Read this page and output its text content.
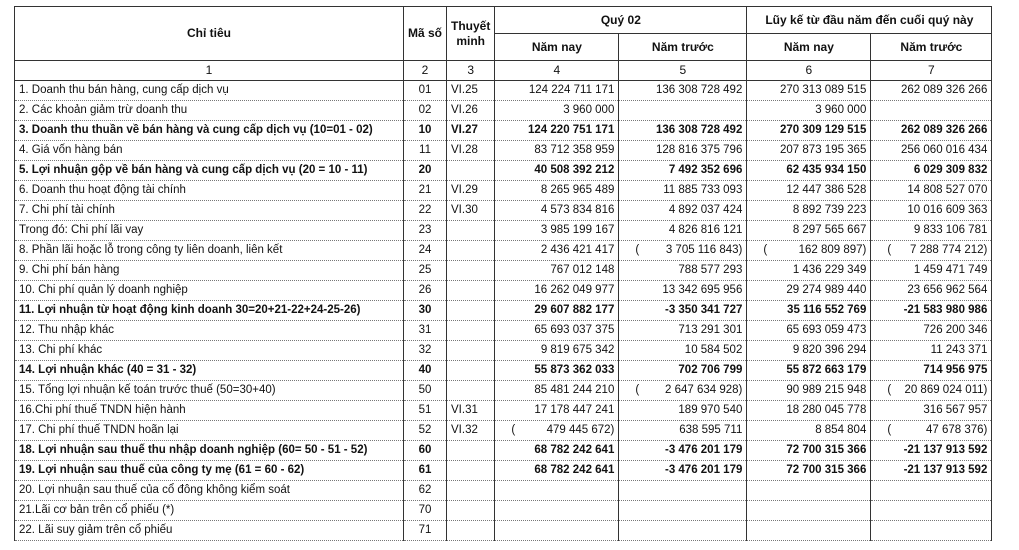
Chỉ tiêu	Mã số	Thuyết minh	Quý 02		Lũy kế từ đầu năm đến cuối quý này	
			Năm nay	Năm trước	Năm nay	Năm trước
1	2	3	4	5	6	7
1. Doanh thu bán hàng, cung cấp dịch vụ	01	VI.25	124 224 711 171	136 308 728 492	270 313 089 515	262 089 326 266
2. Các khoản giảm trừ doanh thu	02	VI.26	3 960 000		3 960 000	
3. Doanh thu thuần về bán hàng và cung cấp dịch vụ (10=01 - 02)	10	VI.27	124 220 751 171	136 308 728 492	270 309 129 515	262 089 326 266
4. Giá vốn hàng bán	11	VI.28	83 712 358 959	128 816 375 796	207 873 195 365	256 060 016 434
5. Lợi nhuận gộp về bán hàng và cung cấp dịch vụ (20 = 10 - 11)	20		40 508 392 212	7 492 352 696	62 435 934 150	6 029 309 832
6. Doanh thu hoạt động tài chính	21	VI.29	8 265 965 489	11 885 733 093	12 447 386 528	14 808 527 070
7. Chi phí tài chính	22	VI.30	4 573 834 816	4 892 037 424	8 892 739 223	10 016 609 363
Trong đó: Chi phí lãi vay	23		3 985 199 167	4 826 816 121	8 297 565 667	9 833 106 781
8. Phần lãi hoặc lỗ trong công ty liên doanh, liên kết	24		2 436 421 417	( 3 705 116 843)	( 162 809 897)	( 7 288 774 212)

9. Chi phí bán hàng	25		767 012 148	788 577 293	1 436 229 349	1 459 471 749
10. Chi phí quản lý doanh nghiệp	26		16 262 049 977	13 342 695 956	29 274 989 440	23 656 962 564
11. Lợi nhuận từ hoạt động kinh doanh 30=20+21-22+24-25-26)	30		29 607 882 177	-3 350 341 727	35 116 552 769	-21 583 980 986
12. Thu nhập khác	31		65 693 037 375	713 291 301	65 693 059 473	726 200 346
13. Chi phí khác	32		9 819 675 342	10 584 502	9 820 396 294	11 243 371
14. Lợi nhuận khác (40 = 31 - 32)	40		55 873 362 033	702 706 799	55 872 663 179	714 956 975
15. Tổng lợi nhuận kế toán trước thuế (50=30+40)	50		85 481 244 210	( 2 647 634 928)	90 989 215 948	( 20 869 024 011)

16.Chi phí thuế TNDN hiện hành	51	VI.31	17 178 447 241	189 970 540	18 280 045 778	316 567 957
17. Chi phí thuế TNDN hoãn lại	52	VI.32	( 479 445 672)	638 595 711	8 854 804	( 47 678 376)

18. Lợi nhuận sau thuế thu nhập doanh nghiệp (60= 50 - 51 - 52)	60		68 782 242 641	-3 476 201 179	72 700 315 366	-21 137 913 592
19. Lợi nhuận sau thuế của công ty mẹ (61 = 60 - 62)	61		68 782 242 641	-3 476 201 179	72 700 315 366	-21 137 913 592
20. Lợi nhuận sau thuế của cổ đông không kiểm soát	62					
21.Lãi cơ bản trên cổ phiếu (*)	70					
22. Lãi suy giảm trên cổ phiếu	71					
